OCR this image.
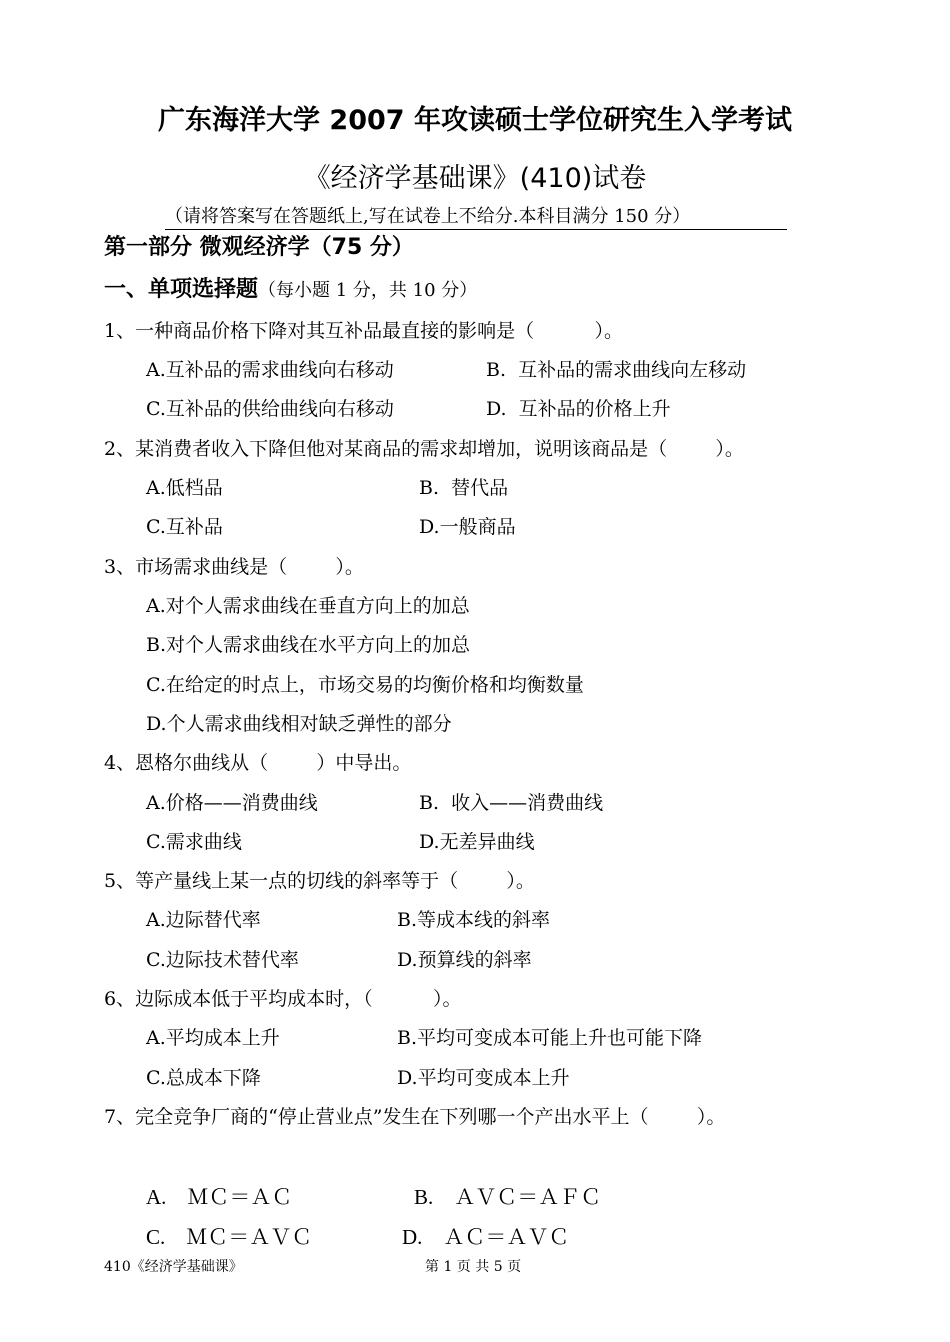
广东海洋大学 2007 年攻读硕士学位研究生入学考试
《经济学基础课》(410)试卷
（请将答案写在答题纸上,写在试卷上不给分.本科目满分 150 分）
第一部分 微观经济学（75 分）
一、单项选择题（每小题 1 分，共 10 分）
1、一种商品价格下降对其互补品最直接的影响是（          ）。
A.互补品的需求曲线向右移动	B.  互补品的需求曲线向左移动
C.互补品的供给曲线向右移动	D.  互补品的价格上升
2、某消费者收入下降但他对某商品的需求却增加，说明该商品是（        ）。
A.低档品	B.  替代品
C.互补品	D.一般商品
3、市场需求曲线是（        ）。
A.对个人需求曲线在垂直方向上的加总
B.对个人需求曲线在水平方向上的加总
C.在给定的时点上，市场交易的均衡价格和均衡数量
D.个人需求曲线相对缺乏弹性的部分
4、恩格尔曲线从（        ）中导出。
A.价格——消费曲线	B.  收入——消费曲线
C.需求曲线	D.无差异曲线
5、等产量线上某一点的切线的斜率等于（        ）。
A.边际替代率	B.等成本线的斜率
C.边际技术替代率	D.预算线的斜率
6、边际成本低于平均成本时，（          ）。
A.平均成本上升	B.平均可变成本可能上升也可能下降
C.总成本下降	D.平均可变成本上升
7、完全竞争厂商的“停止营业点”发生在下列哪一个产出水平上（        ）。
A.    ＭＣ＝ＡＣ	B.    ＡＶＣ＝ＡＦＣ
C.    ＭＣ＝ＡＶＣ	D.    ＡＣ＝ＡＶＣ
410《经济学基础课》	第 1 页 共 5 页
